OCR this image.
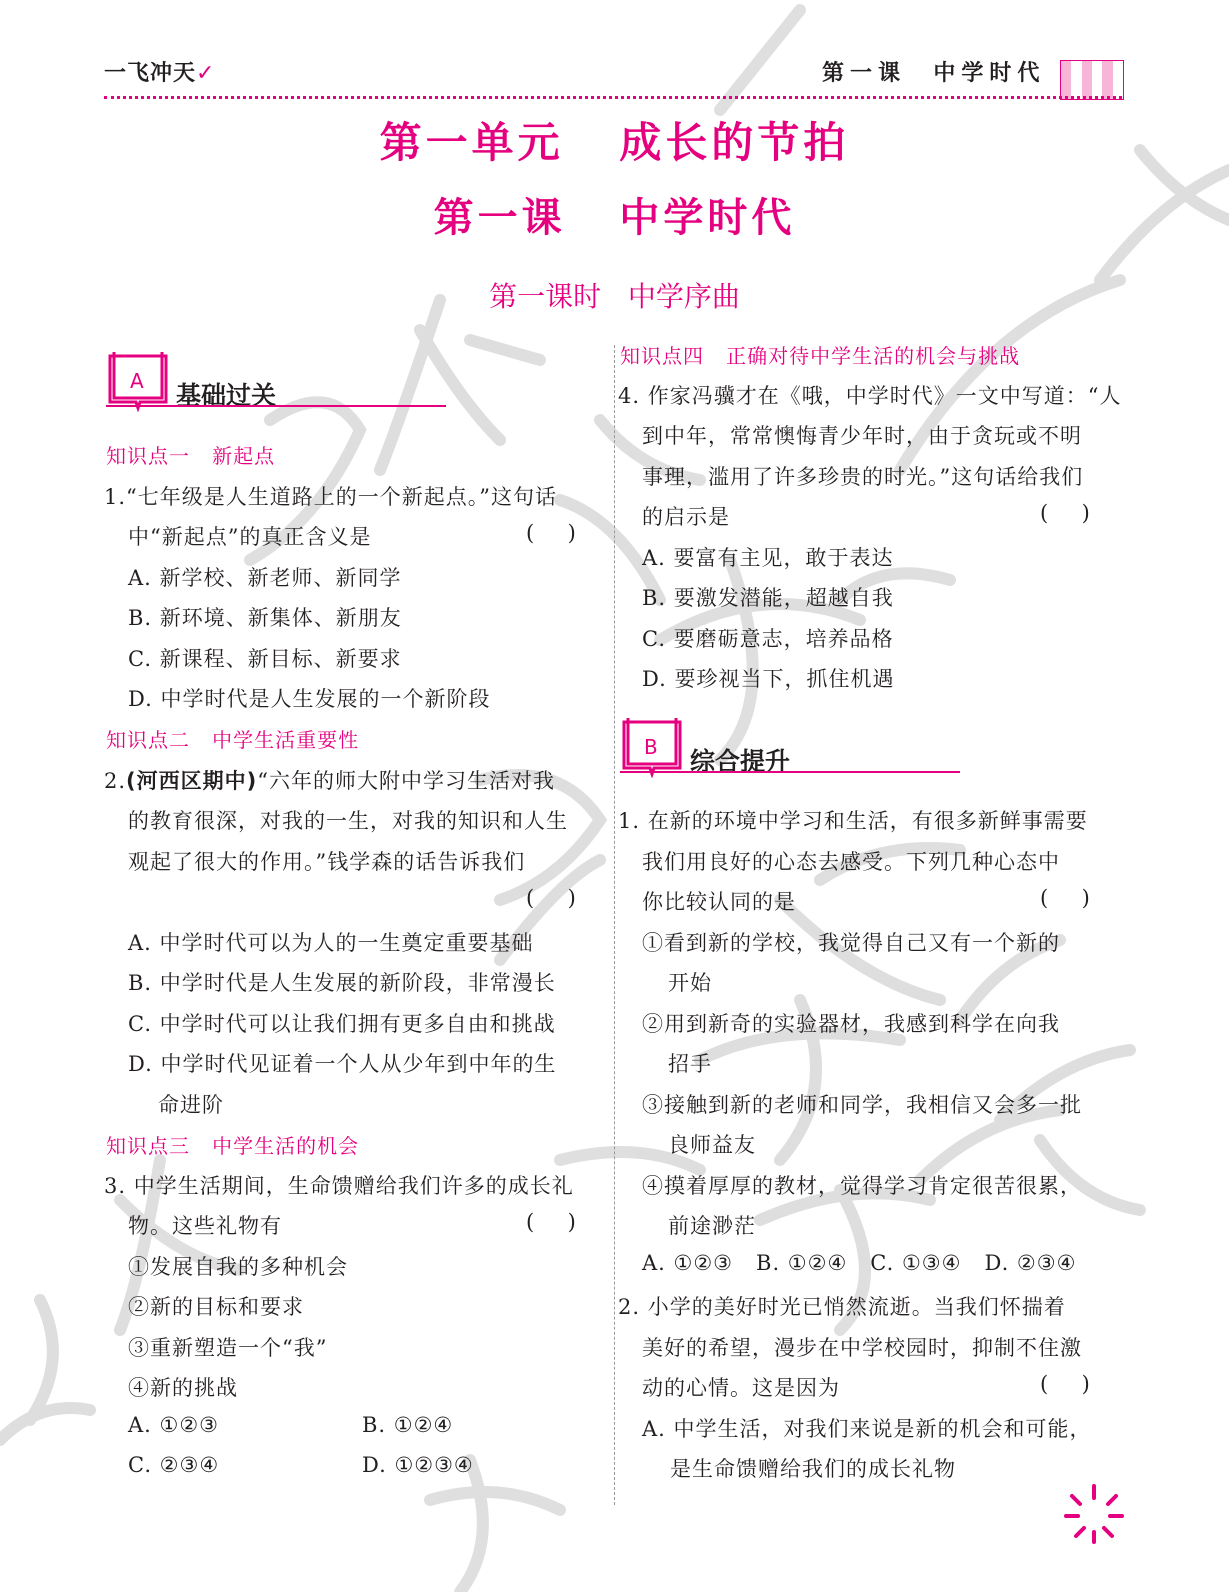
一飞冲天✓	第一课  中学时代
第一单元   成长的节拍
第一课   中学时代
第一课时   中学序曲
A 基础过关
知识点一   新起点
1.“七年级是人生道路上的一个新起点。”这句话
中“新起点”的真正含义是	(     )
A. 新学校、新老师、新同学
B. 新环境、新集体、新朋友
C. 新课程、新目标、新要求
D. 中学时代是人生发展的一个新阶段
知识点二   中学生活重要性
2.(河西区期中)“六年的师大附中学习生活对我
的教育很深，对我的一生，对我的知识和人生
观起了很大的作用。”钱学森的话告诉我们
(     )
A. 中学时代可以为人的一生奠定重要基础
B. 中学时代是人生发展的新阶段，非常漫长
C. 中学时代可以让我们拥有更多自由和挑战
D. 中学时代见证着一个人从少年到中年的生
命进阶
知识点三   中学生活的机会
3. 中学生活期间，生命馈赠给我们许多的成长礼
物。这些礼物有	(     )
①发展自我的多种机会
②新的目标和要求
③重新塑造一个“我”
④新的挑战
A. ①②③	B. ①②④
C. ②③④	D. ①②③④
知识点四   正确对待中学生活的机会与挑战
4. 作家冯骥才在《哦，中学时代》一文中写道：“人
到中年，常常懊悔青少年时，由于贪玩或不明
事理，滥用了许多珍贵的时光。”这句话给我们
的启示是	(     )
A. 要富有主见，敢于表达
B. 要激发潜能，超越自我
C. 要磨砺意志，培养品格
D. 要珍视当下，抓住机遇
B 综合提升
1. 在新的环境中学习和生活，有很多新鲜事需要
我们用良好的心态去感受。下列几种心态中
你比较认同的是	(     )
①看到新的学校，我觉得自己又有一个新的
开始
②用到新奇的实验器材，我感到科学在向我
招手
③接触到新的老师和同学，我相信又会多一批
良师益友
④摸着厚厚的教材，觉得学习肯定很苦很累，
前途渺茫
A. ①②③   B. ①②④   C. ①③④   D. ②③④
2. 小学的美好时光已悄然流逝。当我们怀揣着
美好的希望，漫步在中学校园时，抑制不住激
动的心情。这是因为	(     )
A. 中学生活，对我们来说是新的机会和可能，
是生命馈赠给我们的成长礼物
